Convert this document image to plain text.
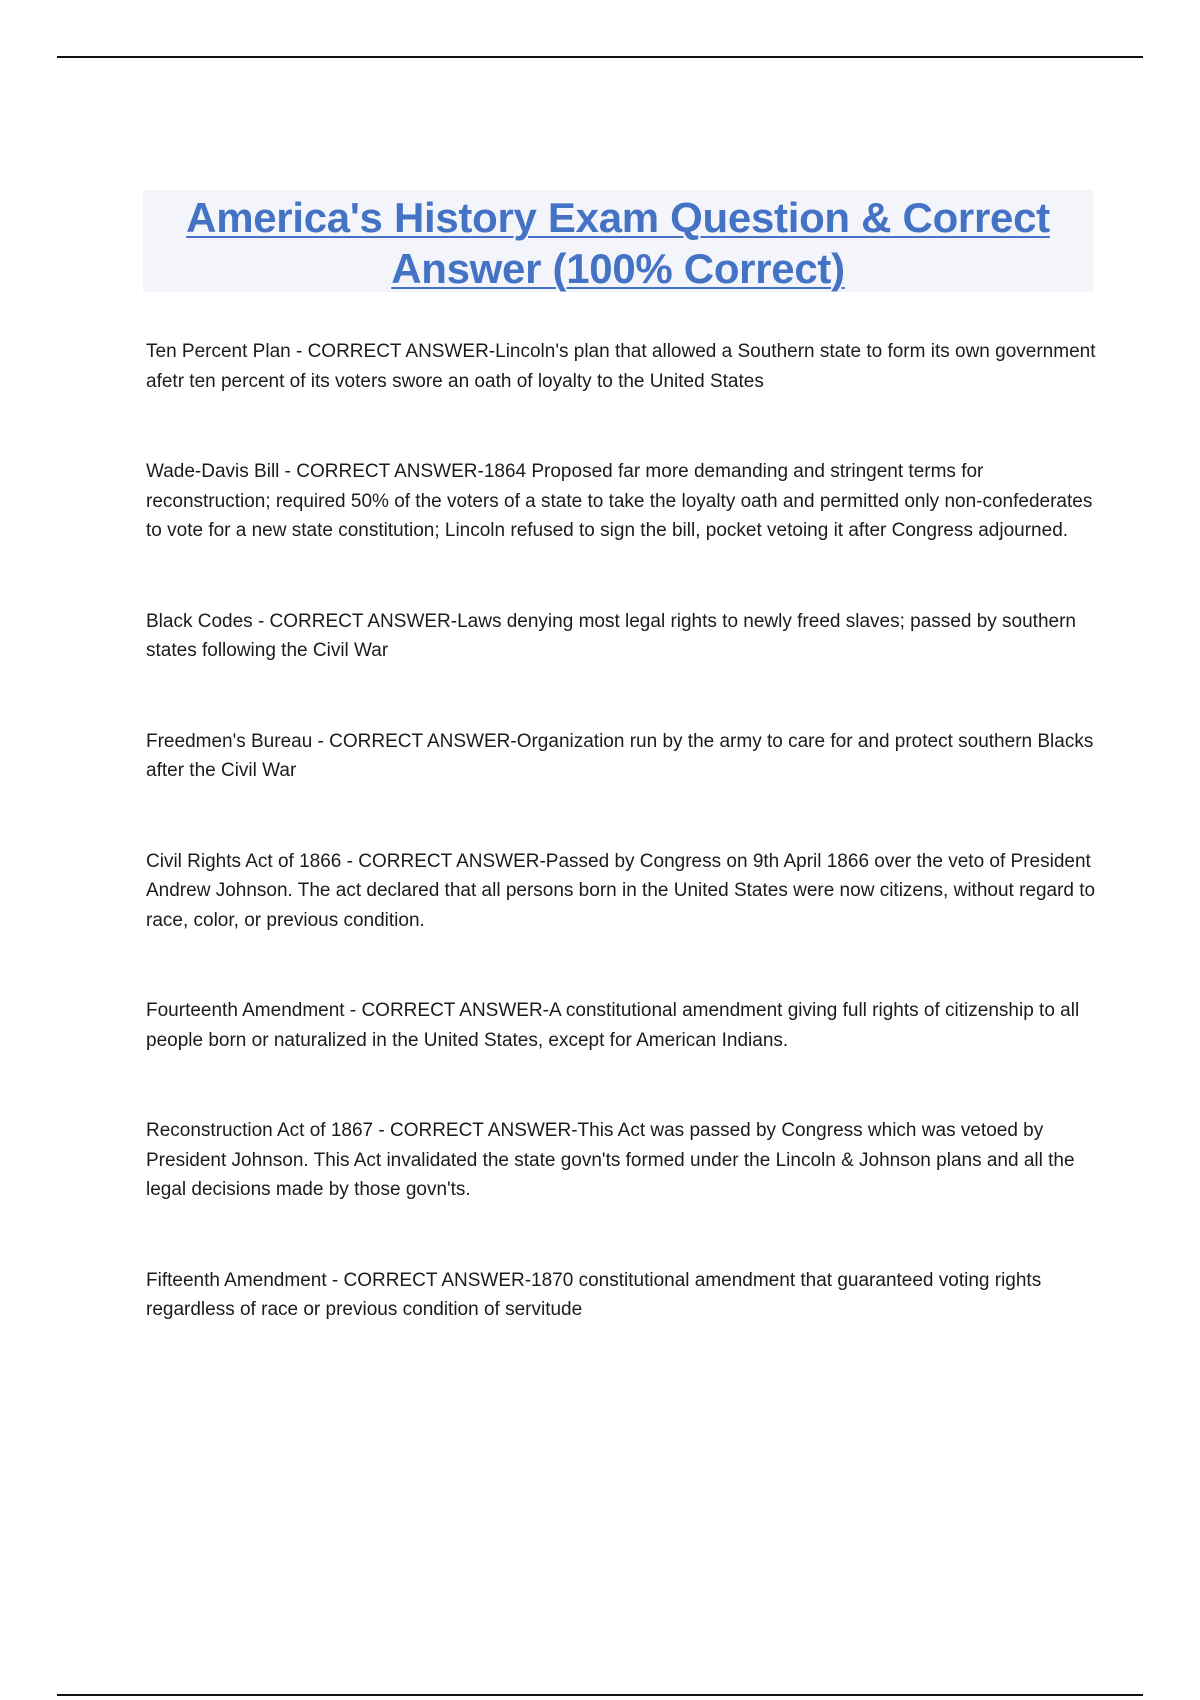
America's History Exam Question & Correct Answer (100% Correct)
Ten Percent Plan - CORRECT ANSWER-Lincoln's plan that allowed a Southern state to form its own government afetr ten percent of its voters swore an oath of loyalty to the United States
Wade-Davis Bill - CORRECT ANSWER-1864 Proposed far more demanding and stringent terms for reconstruction; required 50% of the voters of a state to take the loyalty oath and permitted only non-confederates to vote for a new state constitution; Lincoln refused to sign the bill, pocket vetoing it after Congress adjourned.
Black Codes - CORRECT ANSWER-Laws denying most legal rights to newly freed slaves; passed by southern states following the Civil War
Freedmen's Bureau - CORRECT ANSWER-Organization run by the army to care for and protect southern Blacks after the Civil War
Civil Rights Act of 1866 - CORRECT ANSWER-Passed by Congress on 9th April 1866 over the veto of President Andrew Johnson. The act declared that all persons born in the United States were now citizens, without regard to race, color, or previous condition.
Fourteenth Amendment - CORRECT ANSWER-A constitutional amendment giving full rights of citizenship to all people born or naturalized in the United States, except for American Indians.
Reconstruction Act of 1867 - CORRECT ANSWER-This Act was passed by Congress which was vetoed by President Johnson. This Act invalidated the state govn'ts formed under the Lincoln & Johnson plans and all the legal decisions made by those govn'ts.
Fifteenth Amendment - CORRECT ANSWER-1870 constitutional amendment that guaranteed voting rights regardless of race or previous condition of servitude
